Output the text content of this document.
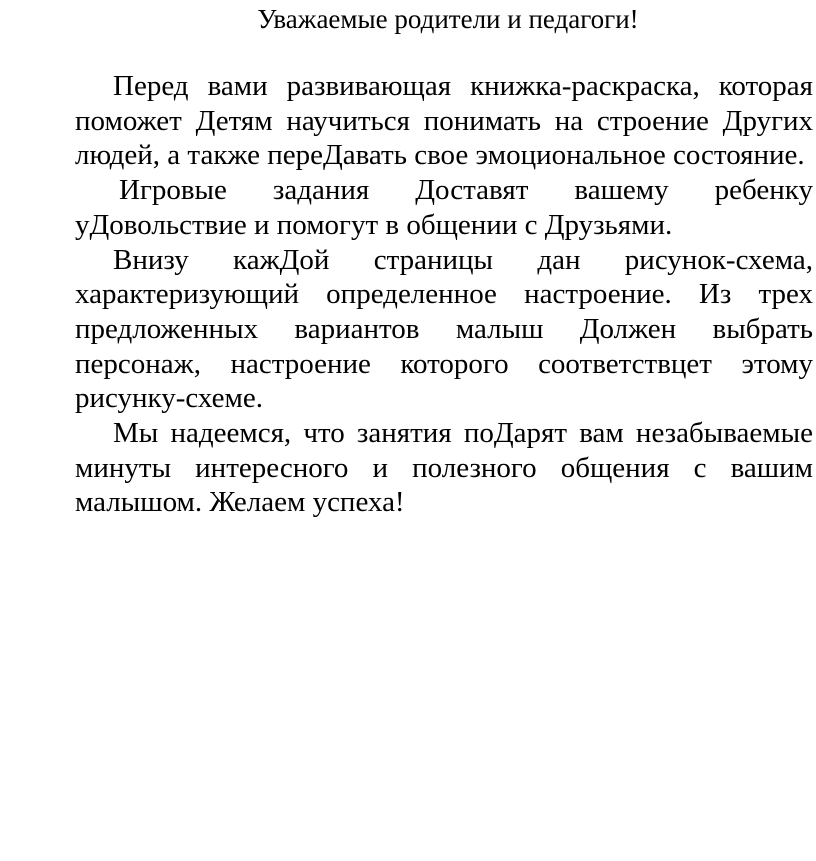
Уважаемые родители и педагоги!

Перед вами развивающая книжка-раскраска, которая поможет Детям научиться понимать на строение Других людей, а также переДавать свое эмоциональное состояние.

Игровые задания Доставят вашему ребенку уДовольствие и помогут в общении с Друзьями.

Внизу кажДой страницы дан рисунок-схема, характеризующий определенное настроение. Из трех предложенных вариантов малыш Должен выбрать персонаж, настроение которого соответствцет этому рисунку-схеме.

Мы надеемся, что занятия поДарят вам незабываемые минуты интересного и полезного общения с вашим малышом. Желаем успеха!
